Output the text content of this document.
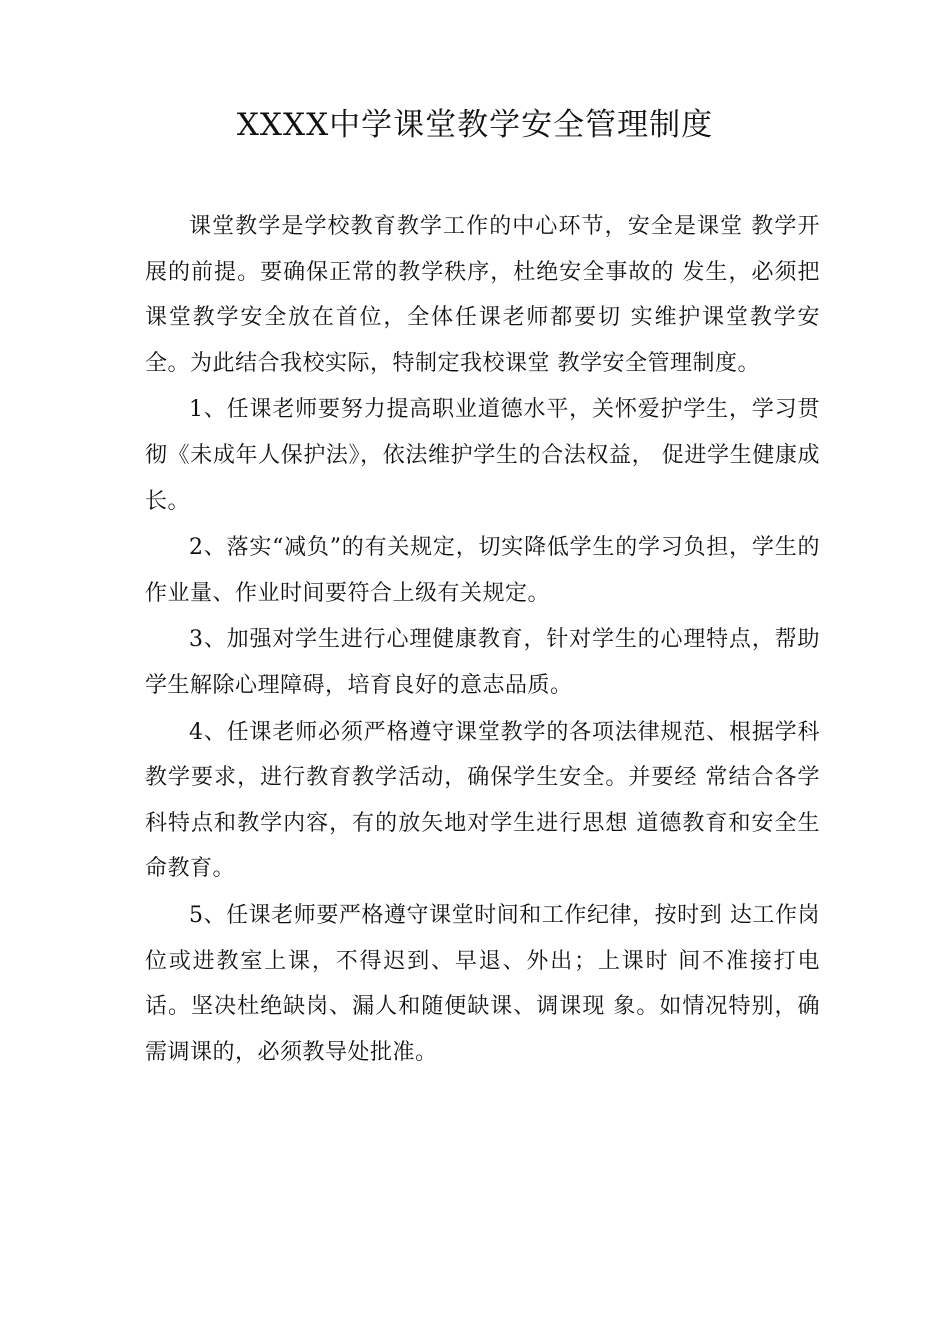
XXXX中学课堂教学安全管理制度

课堂教学是学校教育教学工作的中心环节，安全是课堂 教学开展的前提。要确保正常的教学秩序，杜绝安全事故的 发生，必须把课堂教学安全放在首位，全体任课老师都要切 实维护课堂教学安全。为此结合我校实际，特制定我校课堂 教学安全管理制度。

1、任课老师要努力提高职业道德水平，关怀爱护学生，学习贯彻《未成年人保护法》，依法维护学生的合法权益， 促进学生健康成长。

2、落实“减负”的有关规定，切实降低学生的学习负担，学生的作业量、作业时间要符合上级有关规定。

3、加强对学生进行心理健康教育，针对学生的心理特点，帮助学生解除心理障碍，培育良好的意志品质。

4、任课老师必须严格遵守课堂教学的各项法律规范、根据学科教学要求，进行教育教学活动，确保学生安全。并要经 常结合各学科特点和教学内容，有的放矢地对学生进行思想 道德教育和安全生命教育。

5、任课老师要严格遵守课堂时间和工作纪律，按时到 达工作岗位或进教室上课，不得迟到、早退、外出；上课时 间不准接打电话。坚决杜绝缺岗、漏人和随便缺课、调课现 象。如情况特别，确需调课的，必须教导处批准。
